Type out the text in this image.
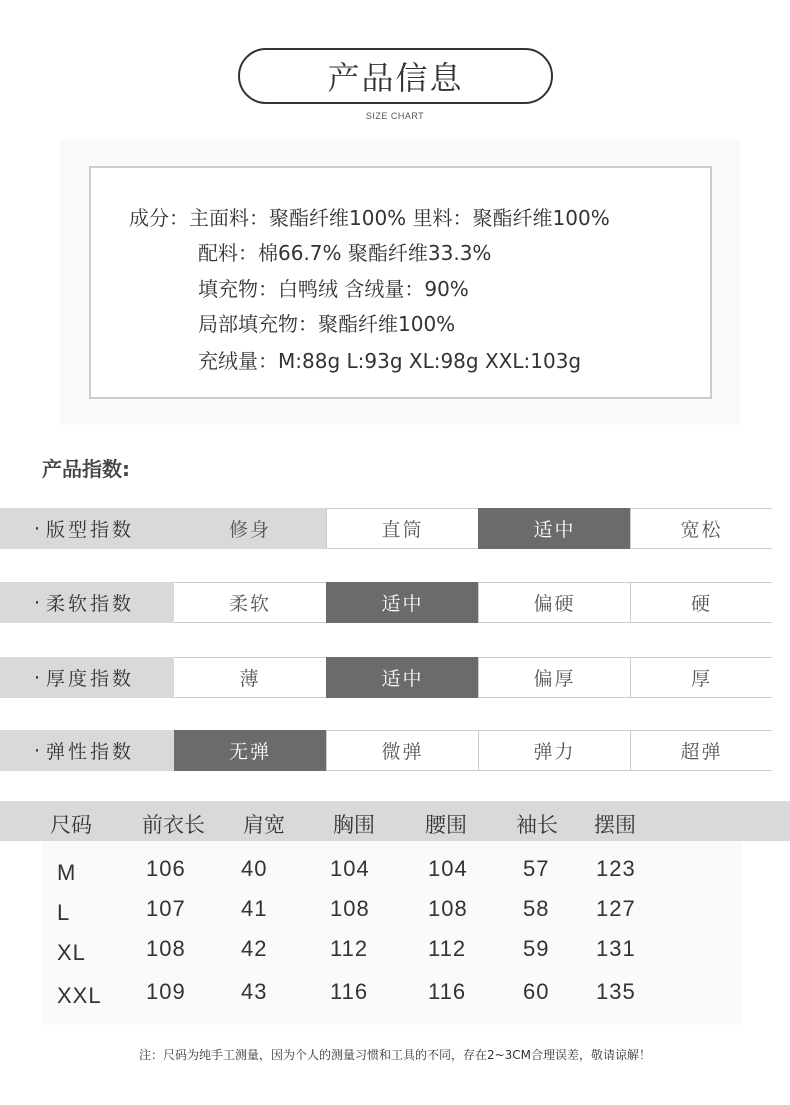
产品信息
SIZE CHART
成分：主面料：聚酯纤维100% 里料：聚酯纤维100%
配料：棉66.7% 聚酯纤维33.3%
填充物：白鸭绒 含绒量：90%
局部填充物：聚酯纤维100%
充绒量：M:88g L:93g XL:98g XXL:103g
产品指数:
· 版型指数	修身	直筒	适中	宽松
· 柔软指数	柔软	适中	偏硬	硬
· 厚度指数	薄	适中	偏厚	厚
· 弹性指数	无弹	微弹	弹力	超弹
尺码 前衣长 肩宽 胸围 腰围 袖长 摆围
M	106	40	104	104	57 123
L	107	41	108	108	58 127
XL	108	42	112	112	59 131
XXL 109	43	116	116	60 135
注：尺码为纯手工测量，因为个人的测量习惯和工具的不同，存在2~3CM合理误差，敬请谅解！
